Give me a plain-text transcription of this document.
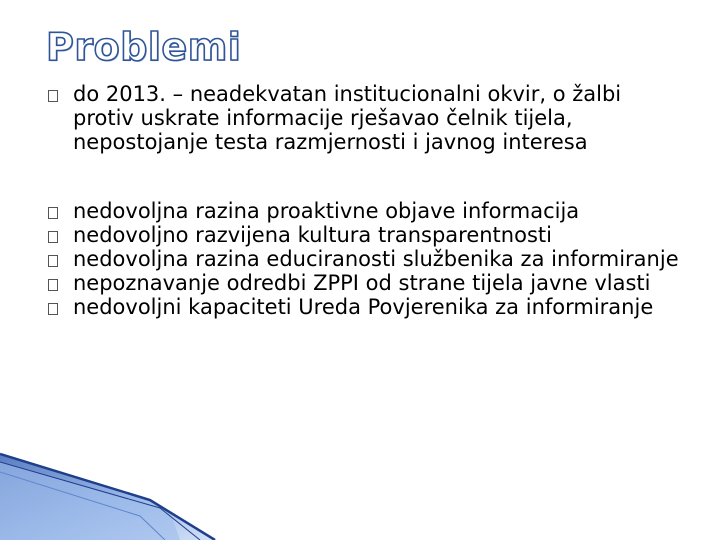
Problemi

do 2013. – neadekvatan institucionalni okvir, o žalbi protiv uskrate informacije rješavao čelnik tijela, nepostojanje testa razmjernosti i javnog interesa

nedovoljna razina proaktivne objave informacija

nedovoljno razvijena kultura transparentnosti

nedovoljna razina educiranosti službenika za informiranje

nepoznavanje odredbi ZPPI od strane tijela javne vlasti

nedovoljni kapaciteti Ureda Povjerenika za informiranje
